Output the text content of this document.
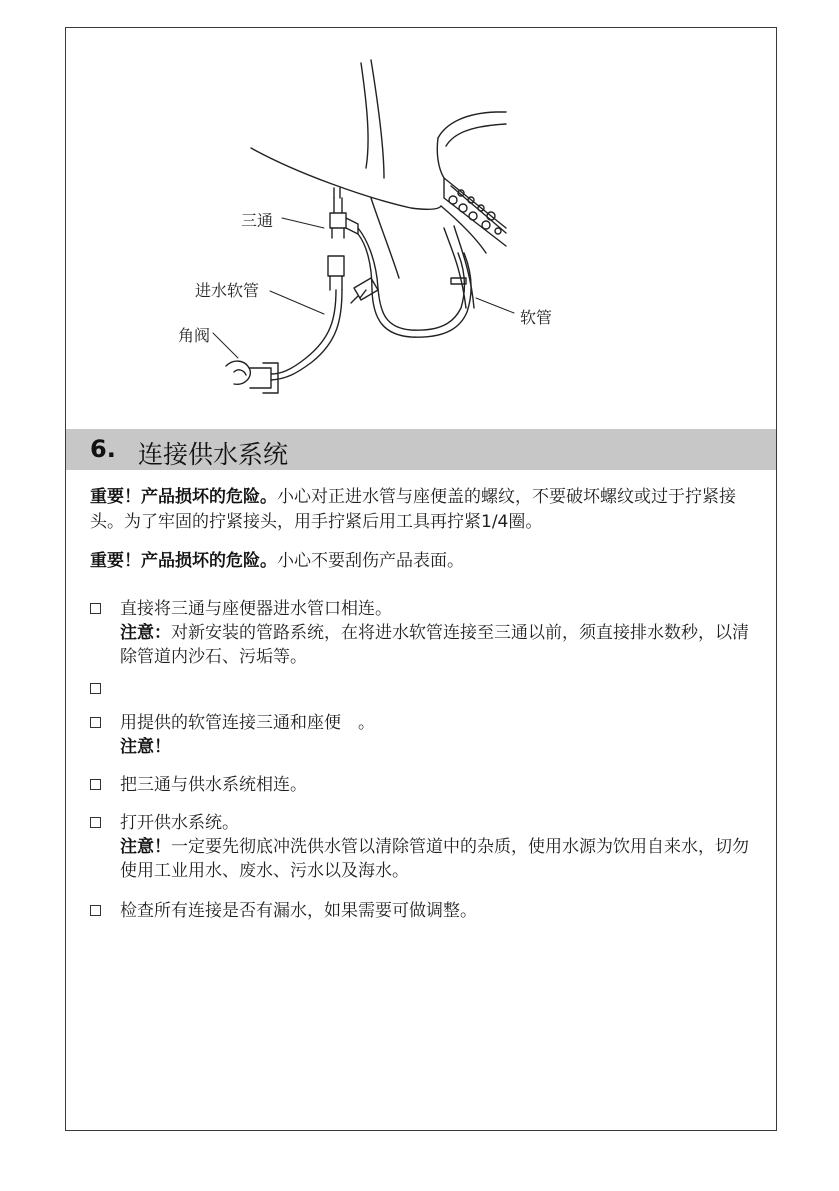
三通
进水软管
角阀
软管
6. 连接供水系统
重要！产品损坏的危险。小心对正进水管与座便盖的螺纹，不要破坏螺纹或过于拧紧接头。为了牢固的拧紧接头，用手拧紧后用工具再拧紧1/4圈。
重要！产品损坏的危险。小心不要刮伤产品表面。
直接将三通与座便器进水管口相连。
注意：对新安装的管路系统，在将进水软管连接至三通以前，须直接排水数秒，以清除管道内沙石、污垢等。
用提供的软管连接三通和座便　。
注意！
把三通与供水系统相连。
打开供水系统。
注意！一定要先彻底冲洗供水管以清除管道中的杂质，使用水源为饮用自来水，切勿使用工业用水、废水、污水以及海水。
检查所有连接是否有漏水，如果需要可做调整。
